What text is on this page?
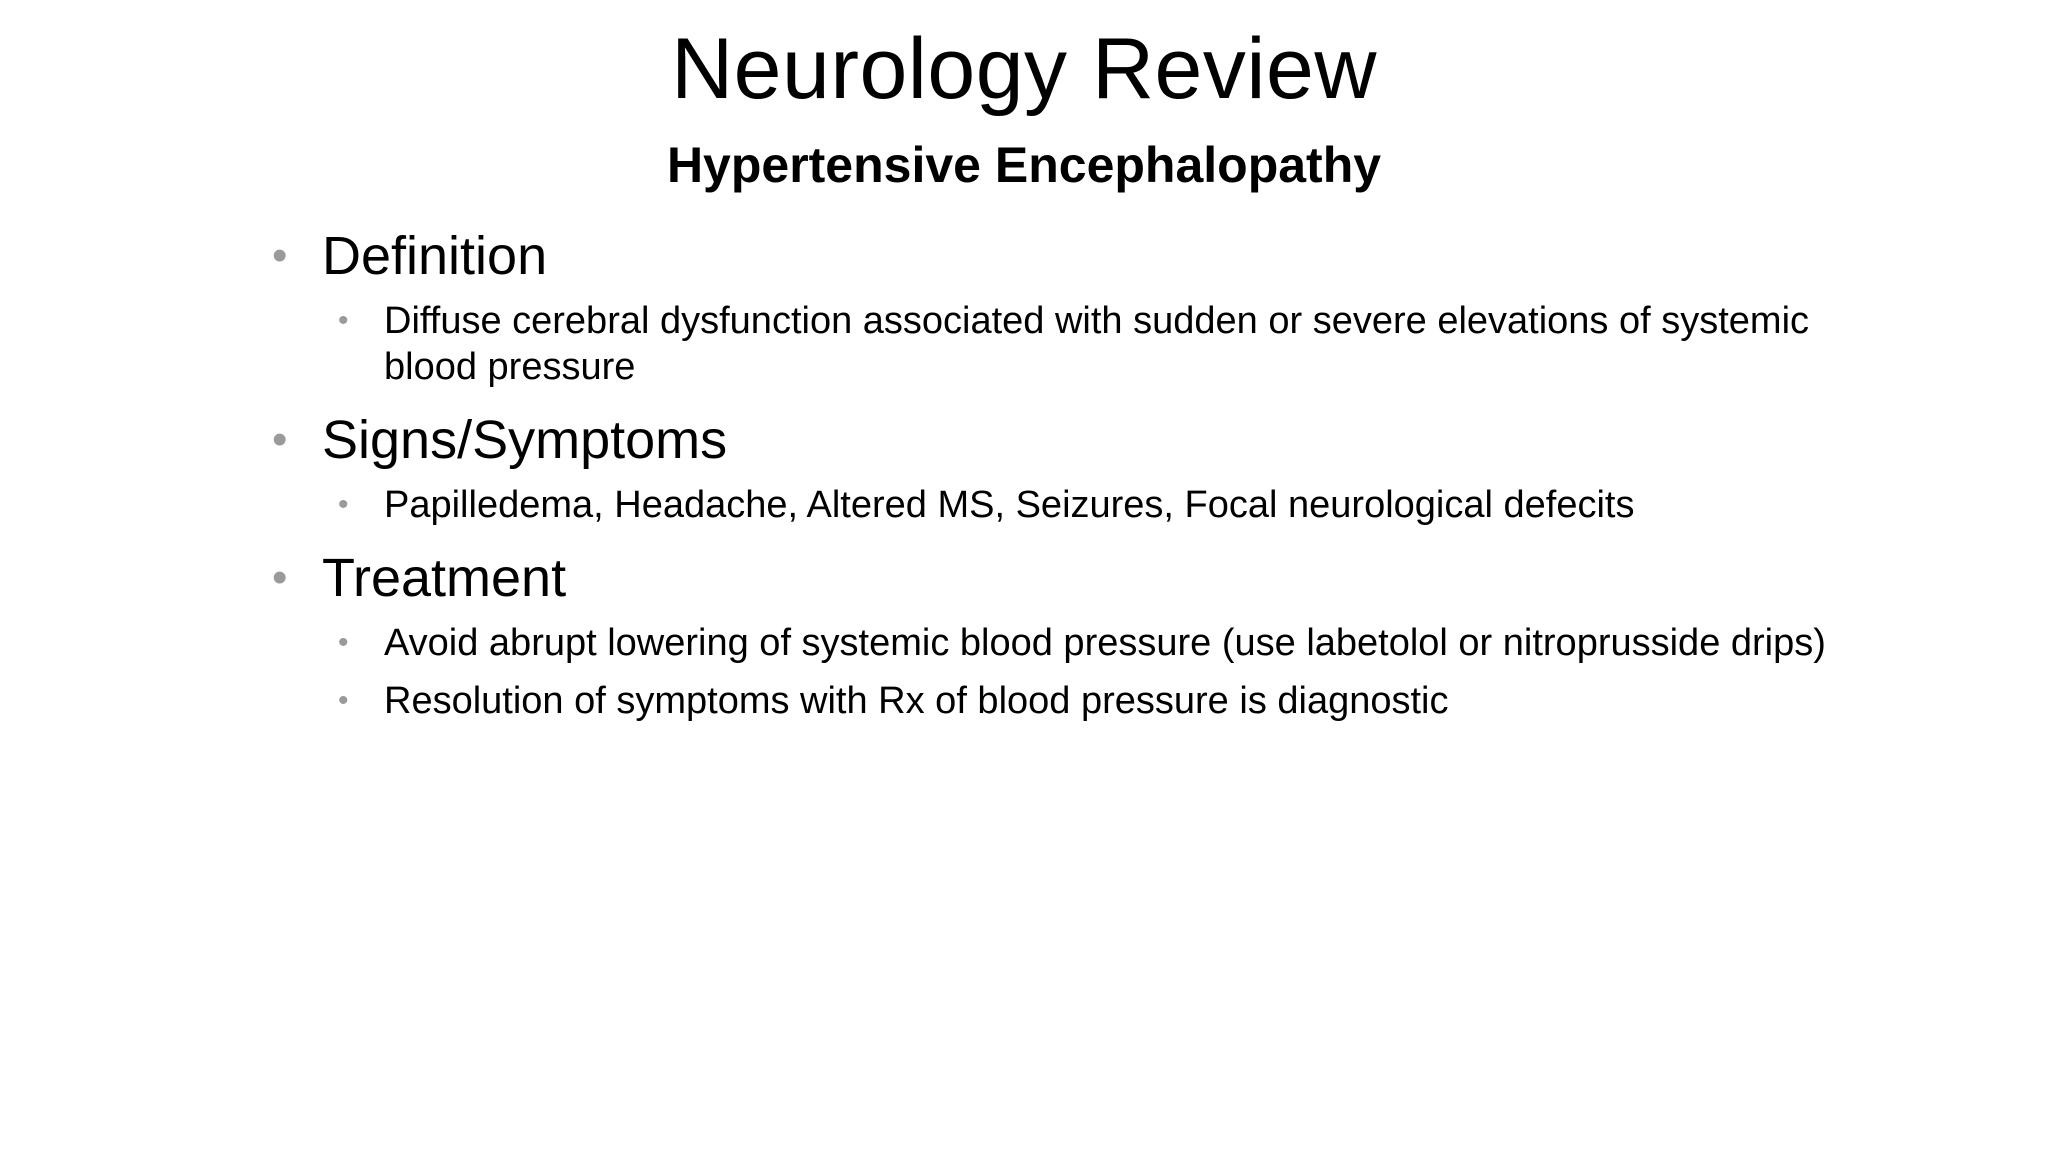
Neurology Review
Hypertensive Encephalopathy
• Definition
• Diffuse cerebral dysfunction associated with sudden or severe elevations of systemic blood pressure
• Signs/Symptoms
• Papilledema, Headache, Altered MS, Seizures, Focal neurological defecits
• Treatment
• Avoid abrupt lowering of systemic blood pressure (use labetolol or nitroprusside drips)
• Resolution of symptoms with Rx of blood pressure is diagnostic
